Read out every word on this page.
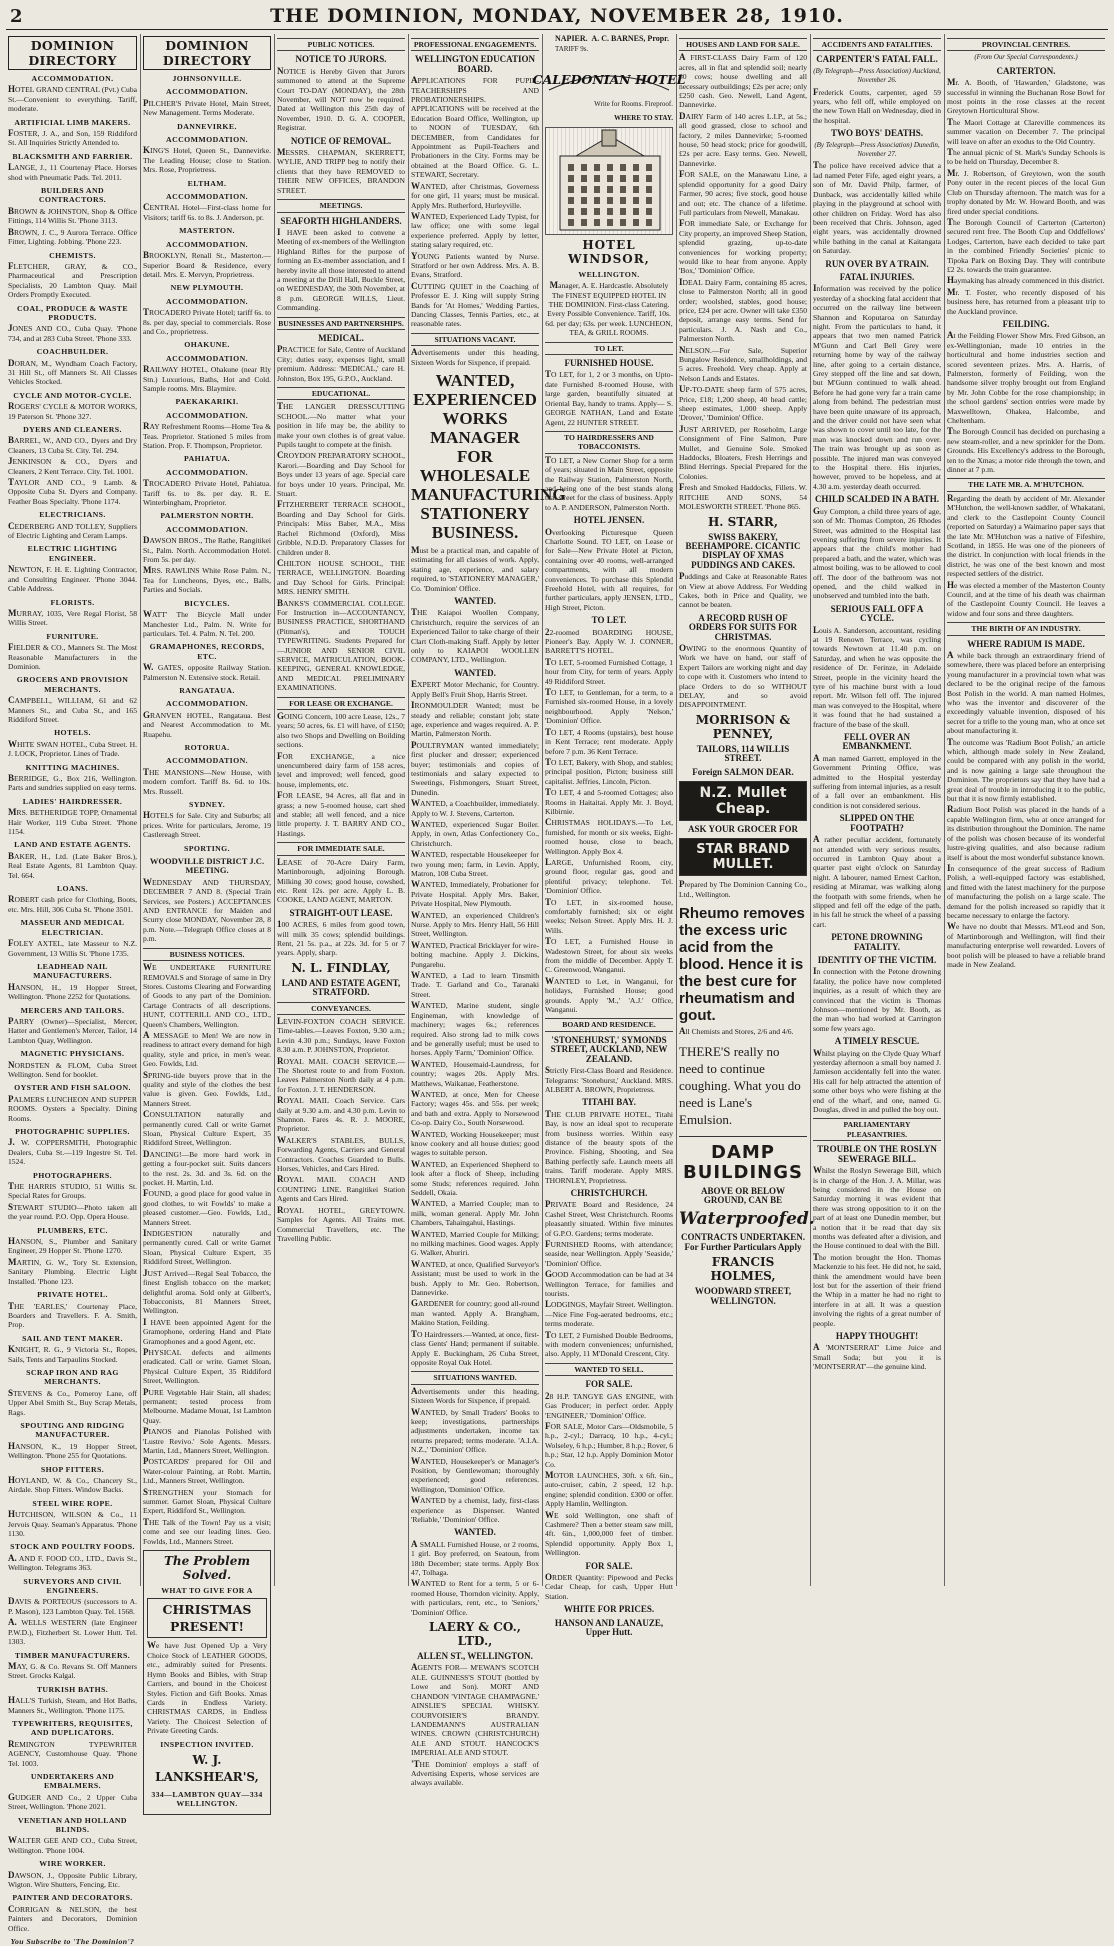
2	THE DOMINION, MONDAY, NOVEMBER 28, 1910.
DOMINION DIRECTORY
ACCOMMODATION.
HOTEL GRAND CENTRAL (Pvt.) Cuba St.—Convenient to everything. Tariff, moderate.
ARTIFICIAL LIMB MAKERS.
FOSTER, J. A., and Son, 159 Riddiford St. All Inquiries Strictly Attended to.
BLACKSMITH AND FARRIER.
LANGE, J., 11 Courtenay Place. Horses shod with Pneumatic Pads. Tel. 2011.
BUILDERS AND CONTRACTORS.
BROWN & JOHNSTON, Shop & Office Fittings, 114 Willis St. 'Phone 3113.
BROWN, J. C., 9 Aurora Terrace. Office Fitter, Lighting. Jobbing. 'Phone 223.
CHEMISTS.
FLETCHER, GRAY, & CO., Pharmaceutical and Prescription Specialists, 20 Lambton Quay. Mail Orders Promptly Executed.
COAL, PRODUCE & WASTE PRODUCTS.
JONES AND CO., Cuba Quay. 'Phone 734, and at 283 Cuba Street. 'Phone 333.
COACHBUILDER.
DORAN, M., Wyndham Coach Factory, 31 Hill St., off Manners St. All Classes Vehicles Stocked.
CYCLE AND MOTOR-CYCLE.
ROGERS' CYCLE & MOTOR WORKS, 19 Paterson St. 'Phone 327.
DYERS AND CLEANERS.
BARREL, W., AND CO., Dyers and Dry Cleaners, 13 Cuba St. City. Tel. 294.
JENKINSON & CO., Dyers and Cleaners, 2 Kent Terrace. City. Tel. 1001.
TAYLOR AND CO., 9 Lamb. & Opposite Cuba St. Dyers and Company. Feather Boas Specialty. 'Phone 1174.
ELECTRICIANS.
CEDERBERG AND TOLLEY, Suppliers of Electric Lighting and Ceram Lamps.
ELECTRIC LIGHTING ENGINEER.
NEWTON, F. H. E. Lighting Contractor, and Consulting Engineer. 'Phone 3044. Cable Address.
FLORISTS.
MURRAY, 1035, Vere Regal Florist, 58 Willis Street.
FURNITURE.
FIELDER & CO., Manners St. The Most Reasonable Manufacturers in the Dominion.
GROCERS AND PROVISION MERCHANTS.
CAMPBELL, WILLIAM, 61 and 62 Manners St., and Cuba St., and 165 Riddiford Street.
HOTELS.
WHITE SWAN HOTEL, Cuba Street. H. J. LOCK, Proprietor. Lines of Trade.
KNITTING MACHINES.
BERRIDGE, G., Box 216, Wellington. Parts and sundries supplied on easy terms.
LADIES' HAIRDRESSER.
MRS. BETHERIDGE TOPP, Ornamental Hair Worker, 119 Cuba Street. 'Phone 1154.
LAND AND ESTATE AGENTS.
BAKER, H., Ltd. (Late Baker Bros.), Real Estate Agents, 81 Lambton Quay. Tel. 664.
LOANS.
ROBERT cash price for Clothing, Boots, etc. Mrs. Hill, 306 Cuba St. 'Phone 3501.
MASSEUR AND MEDICAL ELECTRICIAN.
FOLEY AXTEL, late Masseur to N.Z. Government, 13 Willis St. 'Phone 1735.
LEADHEAD NAIL MANUFACTURERS.
HANSON, H., 19 Hopper Street, Wellington. 'Phone 2252 for Quotations.
MERCERS AND TAILORS.
PARRY (Owner)—Specialist, Mercer, Hatter and Gentlemen's Mercer, Tailor, 14 Lambton Quay, Wellington.
MAGNETIC PHYSICIANS.
NORDSTEN & FLOM, Cuba Street Wellington. Send for booklet.
OYSTER AND FISH SALOON.
PALMERS LUNCHEON AND SUPPER ROOMS. Oysters a Specialty. Dining Rooms.
PHOTOGRAPHIC SUPPLIES.
J. W. COPPERSMITH, Photographic Dealers, Cuba St.—119 Ingestre St. Tel. 1524.
PHOTOGRAPHERS.
THE HARRIS STUDIO, 51 Willis St. Special Rates for Groups.
STEWART STUDIO—Photo taken all the year round. P.O. Opp. Opera House.
PLUMBERS, ETC.
HANSON, S., Plumber and Sanitary Engineer, 29 Hopper St. 'Phone 1270.
MARTIN, G. W., Tory St. Extension, Sanitary Plumbing. Electric Light Installed. 'Phone 123.
PRIVATE HOTEL.
THE 'EARLES,' Courtenay Place, Boarders and Travellers. F. A. Smith, Prop.
SAIL AND TENT MAKER.
KNIGHT, R. G., 9 Victoria St., Ropes, Sails, Tents and Tarpaulins Stocked.
SCRAP IRON AND RAG MERCHANTS.
STEVENS & Co., Pomeroy Lane, off Upper Abel Smith St., Buy Scrap Metals, Rags.
SPOUTING AND RIDGING MANUFACTURER.
HANSON, K., 19 Hopper Street, Wellington. 'Phone 255 for Quotations.
SHOP FITTERS.
HOYLAND, W. & Co., Chancery St., Airdale. Shop Fitters. Window Backs.
STEEL WIRE ROPE.
HUTCHISON, WILSON & Co., 11 Jervois Quay. Seaman's Apparatus. 'Phone 1130.
STOCK AND POULTRY FOODS.
A. AND F. FOOD CO., LTD., Davis St., Wellington. Telegrams 363.
SURVEYORS AND CIVIL ENGINEERS.
DAVIS & PORTEOUS (successors to A. P. Mason), 123 Lambton Quay. Tel. 1568.
A. WELLS WESTERN (late Engineer P.W.D.), Fitzherbert St. Lower Hutt. Tel. 1303.
TIMBER MANUFACTURERS.
MAY, G. & Co. Revans St. Off Manners Street. Grocks Kalgal.
TURKISH BATHS.
HALL'S Turkish, Steam, and Hot Baths, Manners St., Wellington. 'Phone 1175.
TYPEWRITERS, REQUISITES, AND DUPLICATORS.
REMINGTON TYPEWRITER AGENCY, Customhouse Quay. 'Phone Tel. 1003.
UNDERTAKERS AND EMBALMERS.
GUDGER AND Co., 2 Upper Cuba Street, Wellington. 'Phone 2021.
VENETIAN AND HOLLAND BLINDS.
WALTER GEE AND CO., Cuba Street, Wellington. 'Phone 1004.
WIRE WORKER.
DAWSON, J., Opposite Public Library, Wigton. Wire Shutters, Fencing, Etc.
PAINTER AND DECORATORS.
CORRIGAN & NELSON, the best Painters and Decorators, Dominion Office.
You Subscribe to 'The Dominion'?
DOMINION DIRECTORY
JOHNSONVILLE.
ACCOMMODATION.
PILCHER'S Private Hotel, Main Street, New Management. Terms Moderate.
DANNEVIRKE.
ACCOMMODATION.
KING'S Hotel, Queen St., Dannevirke. The Leading House; close to Station. Mrs. Rose, Proprietress.
ELTHAM.
ACCOMMODATION.
CENTRAL Hotel—First-class home for Visitors; tariff 6s. to 8s. J. Anderson, pr.
MASTERTON.
ACCOMMODATION.
BROOKLYN, Renall St., Masterton.—Superior Board & Residence, every detail. Mrs. E. Mervyn, Proprietress.
NEW PLYMOUTH.
ACCOMMODATION.
TROCADERO Private Hotel; tariff 6s. to 8s. per day, special to commercials. Rose and Co., proprietress.
OHAKUNE.
ACCOMMODATION.
RAILWAY HOTEL, Ohakune (near Rly Stn.) Luxurious, Baths, Hot and Cold. Sample rooms. Mrs. Blaymire.
PAEKAKARIKI.
ACCOMMODATION.
RAY Refreshment Rooms—Home Tea & Teas. Proprietor. Stationed 5 miles from Station. Prop. F. Thompson, Proprietor.
PAHIATUA.
ACCOMMODATION.
TROCADERO Private Hotel, Pahiatua. Tariff 6s. to 8s. per day. R. E. Winterbingham, Proprietor.
PALMERSTON NORTH.
ACCOMMODATION.
DAWSON BROS., The Rathe, Rangitikei St., Palm. North. Accommodation Hotel. From 5s. per day.
MRS. RAWLINS White Rose Palm. N., Tea for Luncheons, Dyes, etc., Balls, Parties and Socials.
BICYCLES.
WATT' The Bicycle Mall under Manchester Ltd., Palm. N. Write for particulars. Tel. 4. Palm. N. Tel. 200.
GRAMAPHONES, RECORDS, ETC.
W. GATES, opposite Railway Station. Palmerston N. Extensive stock. Retail.
RANGATAUA.
ACCOMMODATION.
GRANVEN HOTEL, Rangataua. Best and Nearest Accommodation to Mt. Ruapehu.
ROTORUA.
ACCOMMODATION.
THE MANSIONS—New House, with modern comfort. Tariff 8s. 6d. to 10s. Mrs. Russell.
SYDNEY.
HOTELS for Sale. City and Suburbs; all prices. Write for particulars, Jerome, 19 Castlereagh Street.
SPORTING.
WOODVILLE DISTRICT J.C. MEETING.
WEDNESDAY AND THURSDAY, DECEMBER 7 AND 8. (Special Train Services, see Posters.) ACCEPTANCES AND ENTRANCE for Maiden and Scurry close MONDAY, November 28, 8 p.m. Note.—Telegraph Office closes at 8 p.m.
BUSINESS NOTICES.
WE UNDERTAKE FURNITURE REMOVALS and Storage of same in Dry Stores. Customs Clearing and Forwarding of Goods to any part of the Dominion. Cartage Contracts of all descriptions. HUNT, COTTERILL AND CO., LTD., Queen's Chambers, Wellington.
A MESSAGE to Men! We are now in readiness to attract every demand for high quality, style and price, in men's wear. Geo. Fowlds, Ltd.
SPRING-tide buyers prove that in the quality and style of the clothes the best value is given. Geo. Fowlds, Ltd., Manners Street.
CONSULTATION naturally and permanently cured. Call or write Garnet Sloan, Physical Culture Expert, 35 Riddiford Street, Wellington.
DANCING!—Be more hard work in getting a four-pocket suit. Suits dancers to the rest. 2s. 3d. and 3s. 6d. on the pocket. H. Martin, Ltd.
FOUND, a good place for good value in good clothes, to wit Fowlds' to make a pleased customer.—Geo. Fowlds, Ltd., Manners Street.
INDIGESTION naturally and permanently cured. Call or write Garnet Sloan, Physical Culture Expert, 35 Riddiford Street, Wellington.
JUST Arrived—Regal Seal Tobacco, the finest English tobacco on the market; delightful aroma. Sold only at Gilbert's, Tobacconists, 81 Manners Street, Wellington.
I HAVE been appointed Agent for the Gramophone, ordering Hand and Plate Gramophones and a good Agent, etc.
PHYSICAL defects and ailments eradicated. Call or write. Garnet Sloan, Physical Culture Expert, 35 Riddiford Street, Wellington.
PURE Vegetable Hair Stain, all shades; permanent; tested process from Melbourne. Madame Mouat, 1st Lambton Quay.
PIANOS and Pianolas Polished with 'Lustre Revivo.' Sole Agents. Messrs. Martin, Ltd., Manners Street, Wellington.
POSTCARDS' prepared for Oil and Water-colour Painting, at Robt. Martin, Ltd., Manners Street, Wellington.
STRENGTHEN your Stomach for summer. Garnet Sloan, Physical Culture Expert, Riddiford St., Wellington.
THE Talk of the Town! Pay us a visit; come and see our leading lines. Geo. Fowlds, Ltd., Manners Street.
The Problem Solved.
WHAT TO GIVE FOR A
CHRISTMAS PRESENT!
We have Just Opened Up a Very Choice Stock of LEATHER GOODS, etc., admirably suited for Presents. Hymn Books and Bibles, with Strap Carriers, and bound in the Choicest Styles. Fiction and Gift Books. Xmas Cards in Endless Variety. CHRISTMAS CARDS, in Endless Variety. The Choicest Selection of Private Greeting Cards.
INSPECTION INVITED.
W. J. LANKSHEAR'S,
334—LAMBTON QUAY—334 WELLINGTON.
PUBLIC NOTICES.
NOTICE TO JURORS.
NOTICE is Hereby Given that Jurors summoned to attend at the Supreme Court TO-DAY (MONDAY), the 28th November, will NOT now be required. Dated at Wellington this 25th day of November, 1910. D. G. A. COOPER, Registrar.
NOTICE OF REMOVAL.
MESSRS. CHAPMAN, SKERRETT, WYLIE, AND TRIPP beg to notify their clients that they have REMOVED to THEIR NEW OFFICES, BRANDON STREET.
MEETINGS.
SEAFORTH HIGHLANDERS.
I HAVE been asked to convene a Meeting of ex-members of the Wellington Highland Rifles for the purpose of forming an Ex-member association, and I hereby invite all those interested to attend a meeting at the Drill Hall, Buckle Street, on WEDNESDAY, the 30th November, at 8 p.m. GEORGE WILLS, Lieut. Commanding.
BUSINESSES AND PARTNERSHIPS.
MEDICAL.
PRACTICE for Sale, Centre of Auckland City; duties easy, expenses light, small premium. Address: 'MEDICAL,' care H. Johnston, Box 195, G.P.O., Auckland.
EDUCATIONAL.
THE LANGER DRESSCUTTING SCHOOL.—No matter what your position in life may be, the ability to make your own clothes is of great value. Pupils taught to compete at the finish.
CROYDON PREPARATORY SCHOOL, Karori.—Boarding and Day School for Boys under 13 years of age. Special care for boys under 10 years. Principal, Mr. Stuart.
FITZHERBERT TERRACE SCHOOL, Boarding and Day School for Girls. Principals: Miss Baber, M.A., Miss Rachel Richmond (Oxford), Miss Gribble, N.D.D. Preparatory Classes for Children under 8.
CHILTON HOUSE SCHOOL, THE TERRACE, WELLINGTON. Boarding and Day School for Girls. Principal: MRS. HENRY SMITH.
BANKS'S COMMERCIAL COLLEGE. For Instruction in—ACCOUNTANCY, BUSINESS PRACTICE, SHORTHAND (Pitman's), and TOUCH TYPEWRITING. Students Prepared for—JUNIOR AND SENIOR CIVIL SERVICE, MATRICULATION, BOOK-KEEPING, GENERAL KNOWLEDGE, AND MEDICAL PRELIMINARY EXAMINATIONS.
FOR LEASE OR EXCHANGE.
GOING Concern, 100 acre Lease, 12s., 7 years; 50 acres, 6s. £1 will have, of £150; also two Shops and Dwelling on Boilding sections.
FOR EXCHANGE, a nice unencumbered dairy farm of 158 acres, level and improved; well fenced, good house, implements, etc.
FOR LEASE, 94 Acres, all flat and in grass; a new 5-roomed house, cart shed and stable; all well fenced, and a nice little property. J. T. BARRY AND CO., Hastings.
FOR IMMEDIATE SALE.
LEASE of 70-Acre Dairy Farm, Martinborough, adjoining Borough. Milking 30 cows; good house, cowshed, etc. Rent 12s. per acre. Apply L. B. COOKE, LAND AGENT, MARTON.
STRAIGHT-OUT LEASE.
100 ACRES, 6 miles from good town, will milk 35 cows; splendid buildings. Rent, 21 5s. p.a., at 22s. 3d. for 5 or 7 years. Apply, sharp.
N. L. FINDLAY,
LAND AND ESTATE AGENT, STRATFORD.
CONVEYANCES.
LEVIN-FOXTON COACH SERVICE. Time-tables.—Leaves Foxton, 9.30 a.m.; Levin 4.30 p.m.; Sundays, leave Foxton 8.30 a.m. P. JOHNSTON, Proprietor.
ROYAL MAIL COACH SERVICE.—The Shortest route to and from Foxton. Leaves Palmerston North daily at 4 p.m. for Foxton. J. T. HENDERSON.
ROYAL MAIL Coach Service. Cars daily at 9.30 a.m. and 4.30 p.m. Levin to Shannon. Fares 4s. R. J. MOORE, Proprietor.
WALKER'S STABLES, BULLS, Forwarding Agents, Carriers and General Contractors. Coaches Guarded to Bulls. Horses, Vehicles, and Cars Hired.
ROYAL MAIL COACH AND COUNTING LINE. Rangitikei Station Agents and Cars Hired.
ROYAL HOTEL, GREYTOWN. Samples for Agents. All Trains met. Commercial Travellers, etc. The Travelling Public.
PROFESSIONAL ENGAGEMENTS.
WELLINGTON EDUCATION BOARD.
APPLICATIONS FOR PUPIL-TEACHERSHIPS AND PROBATIONERSHIPS. APPLICATIONS will be received at the Education Board Office, Wellington, up to NOON of TUESDAY, 6th DECEMBER, from Candidates for Appointment as Pupil-Teachers and Probationers in the City. Forms may be obtained at the Board Office. G. L. STEWART, Secretary.
WANTED, after Christmas, Governess for one girl, 11 years; must be musical. Apply Mrs. Rutherford, Hurleyville.
WANTED, Experienced Lady Typist, for law office; one with some legal experience preferred. Apply by letter, stating salary required, etc.
YOUNG Patients wanted by Nurse. Stratford or her own Address. Mrs. A. B. Evans, Stratford.
CUTTING QUIET in the Coaching of Professor E. J. King will supply String Bands for 'At Homes,' Wedding Parties, Dancing Classes, Tennis Parties, etc., at reasonable rates.
SITUATIONS VACANT.
Advertisements under this heading, Sixteen Words for Sixpence, if prepaid.
WANTED, EXPERIENCED WORKS MANAGER FOR WHOLESALE MANUFACTURING STATIONERY BUSINESS.
Must be a practical man, and capable of estimating for all classes of work. Apply, stating age, experience, and salary required, to 'STATIONERY MANAGER,' Co. 'Dominion' Office.
WANTED.
THE Kaiapoi Woollen Company, Christchurch, require the services of an Experienced Tailor to take charge of their Clart Cloth-making Staff. Apply by letter only to KAIAPOI WOOLLEN COMPANY, LTD., Wellington.
WANTED.
EXPERT Motor Mechanic, for Country. Apply Bell's Fruit Shop, Harris Street.
IRONMOULDER Wanted; must be steady and reliable; constant job; state age, experience and wages required. A. P. Martin, Palmerston North.
POULTRYMAN wanted immediately; first plucker and dresser; experienced buyer; testimonials and copies of testimonials and salary expected to Sweetings, Fishmongers, Stuart Street, Dunedin.
WANTED, a Coachbuilder, immediately. Apply to W. J. Stevens, Carterton.
WANTED, experienced Sugar Boiler. Apply, in own, Atlas Confectionery Co., Christchurch.
WANTED, respectable Housekeeper for two young men; farm, in Levin. Apply, Matron, 108 Cuba Street.
WANTED, Immediately, Probationer for Private Hospital. Apply Mrs. Baker, Private Hospital, New Plymouth.
WANTED, an experienced Children's Nurse. Apply to Mrs. Henry Hall, 56 Hill Street, Wellington.
WANTED, Practical Bricklayer for wire-bolting machine. Apply J. Dickins, Pungarehu.
WANTED, a Lad to learn Tinsmith Trade. T. Garland and Co., Taranaki Street.
WANTED, Marine student, single Engineman, with knowledge of machinery; wages 6s.; references required. Also strong lad to milk cows and be generally useful; must be used to horses. Apply 'Farm,' 'Dominion' Office.
WANTED, Housemaid-Laundress, for country; wages 20s. Apply Mrs. Matthews, Waikanae, Featherstone.
WANTED, at once, Men for Cheese Factory; wages 45s. and 55s. per week; and bath and extra. Apply to Norsewood Co-op. Dairy Co., South Norsewood.
WANTED, Working Housekeeper; must know cookery and all house duties; good wages to suitable person.
WANTED, an Experienced Shepherd to look after a flock of Sheep, including some Studs; references required. John Seddell, Okaia.
WANTED, a Married Couple; man to milk, woman general. Apply Mr. John Chambers, Tahaingahui, Hastings.
WANTED, Married Couple for Milking; no milking machines. Good wages. Apply G. Walker, Ahuriri.
WANTED, at once, Qualified Surveyor's Assistant; must be used to work in the bush. Apply to Mr. Geo. Robertson, Dannevirke.
GARDENER for country; good all-round man wanted. Apply A. Brangham, Makino Station, Feilding.
TO Hairdressers.—Wanted, at once, first-class Gents' Hand; permanent if suitable. Apply E. Buckingham, 26 Cuba Street, opposite Royal Oak Hotel.
SITUATIONS WANTED.
Advertisements under this heading, Sixteen Words for Sixpence, if prepaid.
WANTED, by Small Traders' Books to keep; investigations, partnerships adjustments undertaken, income tax returns prepared; terms moderate. 'A.I.A. N.Z.,' 'Dominion' Office.
WANTED, Housekeeper's or Manager's Position, by Gentlewoman; thoroughly experienced; good references. Wellington, 'Dominion' Office.
WANTED by a chemist, lady, first-class experience as Dispenser. Wanted 'Reliable,' 'Dominion' Office.
WANTED.
A SMALL Furnished House, or 2 rooms, 1 girl. Boy preferred, on Seatoun, from 18th December; state terms. Apply Box 47, Tolhaga.
WANTED to Rent for a term, 5 or 6-roomed House, Thorndon vicinity. Apply, with particulars, rent, etc., to 'Seniors,' 'Dominion' Office.
LAERY & CO., LTD.,
ALLEN ST., WELLINGTON.
AGENTS FOR— M'EWAN'S SCOTCH ALE. GUINNESS'S STOUT (bottled by Lowe and Son). MORT AND CHANDON 'VINTAGE CHAMPAGNE.' AINSLIE'S SPECIAL WHISKY. COURVOISIER'S BRANDY. LANDEMANN'S AUSTRALIAN WINES. CROWN (CHRISTCHURCH) ALE AND STOUT. HANCOCK'S IMPERIAL ALE AND STOUT.
'THE Dominion' employs a staff of Advertising Experts, whose services are always available.
NAPIER. A. C. BARNES, Propr.
TARIFF 9s.
CALEDONIAN HOTEL
Write for Rooms. Fireproof.
WHERE TO STAY.
HOTEL WINDSOR,
WELLINGTON.
Manager, A. E. Hardcastle. Absolutely The FINEST EQUIPPED HOTEL IN THE DOMINION. First-class Catering. Every Possible Convenience. Tariff, 10s. 6d. per day; 63s. per week. LUNCHEON, TEA, & GRILL ROOMS.
TO LET.
FURNISHED HOUSE.
TO LET, for 1, 2 or 3 months, on Upto-date Furnished 8-roomed House, with large garden, beautifully situated at Oriental Bay, handy to trams. Apply— S. GEORGE NATHAN, Land and Estate Agent, 22 HUNTER STREET.
TO HAIRDRESSERS AND TOBACCONISTS.
TO LET, a New Corner Shop for a term of years; situated in Main Street, opposite the Railway Station, Palmerston North, and being one of the best stands along that street for the class of business. Apply to A. P. ANDERSON, Palmerston North.
HOTEL JENSEN.
Overlooking Picturesque Queen Charlotte Sound. TO LET, on Lease or for Sale—New Private Hotel at Picton, containing over 40 rooms, well-arranged compartments, with all modern conveniences. To purchase this Splendid Freehold Hotel, with all requires, for further particulars, apply JENSEN, LTD., High Street, Picton.
TO LET.
22-roomed BOARDING HOUSE, Pioneer's Bay. Apply W. J. CONNER, BARRETT'S HOTEL.
TO LET, 5-roomed Furnished Cottage, 1 hour from City, for term of years. Apply 49 Riddiford Street.
TO LET, to Gentleman, for a term, to a Furnished six-roomed House, in a lovely neighbourhood. Apply 'Nelson,' 'Dominion' Office.
TO LET, 4 Rooms (upstairs), best house in Kent Terrace; rent moderate. Apply before 7 p.m. 36 Kent Terrace.
TO LET, Bakery, with Shop, and stables; principal position, Picton; business still capitalist. Jeffries, Lincoln, Picton.
TO LET, 4 and 5-roomed Cottages; also Rooms in Haitaitai. Apply Mr. J. Boyd, Kilbirnie.
CHRISTMAS HOLIDAYS.—To Let, furnished, for month or six weeks, Eight-roomed house, close to beach, Wellington. Apply Box 4.
LARGE, Unfurnished Room, city, ground floor, regular gas, good and plentiful privacy; telephone. Tel. 'Dominion' Office.
TO LET, in six-roomed house, comfortably furnished; six or eight weeks; Nelson Street. Apply Mrs. H. J. Wills.
TO LET, a Furnished House in Wadestown Street, for about six weeks from the middle of December. Apply T. C. Greenwood, Wanganui.
WANTED to Let, in Wanganui, for holidays, Furnished House; good grounds. Apply 'M.,' 'A.J.' Office, Wanganui.
BOARD AND RESIDENCE.
'STONEHURST,' SYMONDS STREET, AUCKLAND, NEW ZEALAND.
Strictly First-Class Board and Residence. Telegrams: 'Stonehurst,' Auckland. MRS. ALBERT A. BROWN, Proprietress.
TITAHI BAY.
THE CLUB PRIVATE HOTEL, Titahi Bay, is now an ideal spot to recuperate from business worries. Within easy distance of the beauty spots of the Province. Fishing, Shooting, and Sea Bathing perfectly safe. Launch meets all trains. Tariff moderate. Apply MRS. THORNLEY, Proprietress.
CHRISTCHURCH.
PRIVATE Board and Residence, 24 Cashel Street, West Christchurch. Rooms pleasantly situated. Within five minutes of G.P.O. Gardens; terms moderate.
FURNISHED Rooms, with attendance; seaside, near Wellington. Apply 'Seaside,' 'Dominion' Office.
GOOD Accommodation can be had at 34 Wellington Terrace, for families and tourists.
LODGINGS, Mayfair Street. Wellington.—Nice Fine Fog-aerated bedrooms, etc.; terms moderate.
TO LET, 2 Furnished Double Bedrooms, with modern conveniences; unfurnished, also. Apply, 11 M'Donald Crescent, City.
WANTED TO SELL.
FOR SALE.
28 H.P. TANGYE GAS ENGINE, with Gas Producer; in perfect order. Apply 'ENGINEER,' 'Dominion' Office.
FOR SALE, Motor Cars—Oldsmobile, 5 h.p., 2-cyl.; Darracq, 10 h.p., 4-cyl.; Wolseley, 6 h.p.; Humber, 8 h.p.; Rover, 6 h.p.; Star, 12 h.p. Apply Dominion Motor Co.
MOTOR LAUNCHES, 30ft. x 6ft. 6in., auto-cruiser, cabin, 2 speed, 12 h.p. engine; splendid condition. £300 or offer. Apply Hamlin, Wellington.
WE sold Wellington, one shaft of Cashmere? Then a better steam saw mill, 4ft. 6in., 1,000,000 feet of timber. Splendid opportunity. Apply Box 1, Wellington.
FOR SALE.
ORDER Quantity: Pipewood and Pecks Cedar Cheap, for cash, Upper Hutt Station.
WHITE FOR PRICES.
HANSON AND LANAUZE, Upper Hutt.
HOUSES AND LAND FOR SALE.
A FIRST-CLASS Dairy Farm of 120 acres, all in flat and splendid soil; nearly 50 cows; house dwelling and all necessary outbuildings; £2s per acre; only £250 cash. Geo. Newell, Land Agent, Dannevirke.
DAIRY Farm of 140 acres L.I.P., at 5s.; all good grassed, close to school and factory, 2 miles Dannevirke; 5-roomed house, 50 head stock; price for goodwill, £2s per acre. Easy terms. Geo. Newell, Dannevirke.
FOR SALE, on the Manawatu Line, a splendid opportunity for a good Dairy Farmer, 90 acres; five stock, good house and out; etc. The chance of a lifetime. Full particulars from Newell, Manakau.
FOR immediate Sale, or Exchange for City property, an improved Sheep Station, splendid grazing, up-to-date conveniences for working property; would like to hear from anyone. Apply 'Box,' 'Dominion' Office.
IDEAL Dairy Farm, containing 85 acres, close to Palmerston North; all in good order; woolshed, stables, good house; price, £24 per acre. Owner will take £350 deposit, arrange easy terms. Send for particulars. J. A. Nash and Co., Palmerston North.
NELSON.—For Sale, Superior Bungalow Residence, smallholdings, and 5 acres. Freehold. Very cheap. Apply at Nelson Lands and Estates.
UP-TO-DATE sheep farm of 575 acres, Price, £18; 1,200 sheep, 40 head cattle; sheep estimates, 1,000 sheep. Apply 'Drover,' 'Dominion' Office.
JUST ARRIVED, per Roseholm, Large Consignment of Fine Salmon, Pure Mullet, and Genuine Sole. Smoked Haddocks, Bloaters, Fresh Herrings and Blind Herrings. Special Prepared for the Colonies.
Fresh and Smoked Haddocks, Fillets. W. RITCHIE AND SONS, 54 MOLESWORTH STREET. 'Phone 865.
H. STARR,
SWISS BAKERY, BEEHAMPORE. CICANTIC DISPLAY OF XMAS PUDDINGS AND CAKES.
Puddings and Cake at Reasonable Rates on View at above Address. For Wedding Cakes, both in Price and Quality, we cannot be beaten.
A RECORD RUSH OF ORDERS FOR SUITS FOR CHRISTMAS.
OWING to the enormous Quantity of Work we have on hand, our staff of Expert Tailors are working night and day to cope with it. Customers who intend to place Orders to do so WITHOUT DELAY, and so avoid DISAPPOINTMENT.
MORRISON & PENNEY,
TAILORS, 114 WILLIS STREET.
Foreign SALMON DEAR.
N.Z. Mullet Cheap.
ASK YOUR GROCER FOR
STAR BRAND MULLET.
Prepared by The Dominion Canning Co., Ltd., Wellington.
Rheumo removes the excess uric acid from the blood. Hence it is the best cure for rheumatism and gout.
All Chemists and Stores, 2/6 and 4/6.
THERE'S really no need to continue coughing. What you do need is Lane's Emulsion.
DAMP BUILDINGS
ABOVE OR BELOW GROUND, CAN BE
Waterproofed.
CONTRACTS UNDERTAKEN. For Further Particulars Apply
FRANCIS HOLMES,
WOODWARD STREET, WELLINGTON.
ACCIDENTS AND FATALITIES.
CARPENTER'S FATAL FALL.
(By Telegraph—Press Association) Auckland, November 26.
Frederick Coutts, carpenter, aged 59 years, who fell off, while employed on the new Town Hall on Wednesday, died in the hospital.
TWO BOYS' DEATHS.
(By Telegraph—Press Association) Dunedin, November 27.
The police have received advice that a lad named Peter Fife, aged eight years, a son of Mr. David Philp, farmer, of Dunback, was accidentally killed while playing in the playground at school with other children on Friday. Word has also been received that Chris. Johnson, aged eight years, was accidentally drowned while bathing in the canal at Kaitangata on Saturday.
RUN OVER BY A TRAIN.
FATAL INJURIES.
Information was received by the police yesterday of a shocking fatal accident that occurred on the railway line between Shannon and Koputaroa on Saturday night. From the particulars to hand, it appears that two men named Patrick M'Gunn and Carl Bell Grey were returning home by way of the railway line, after going to a certain distance, Grey stepped off the line and sat down, but M'Gunn continued to walk ahead. Before he had gone very far a train came along from behind. The pedestrian must have been quite unaware of its approach, and the driver could not have seen what was shown to cover until too late, for the man was knocked down and run over. The train was brought up as soon as possible. The injured man was conveyed to the Hospital there. His injuries, however, proved to be hopeless, and at 4.30 a.m. yesterday death occurred.
CHILD SCALDED IN A BATH.
Guy Compton, a child three years of age, son of Mr. Thomas Compton, 26 Rhodes Street, was admitted to the Hospital last evening suffering from severe injuries. It appears that the child's mother had prepared a bath, and the water, which was almost boiling, was to be allowed to cool off. The door of the bathroom was not opened, and the child walked in unobserved and tumbled into the bath.
SERIOUS FALL OFF A CYCLE.
Louis A. Sanderson, accountant, residing at 19 Renown Terrace, was cycling towards Newtown at 11.40 p.m. on Saturday, and when he was opposite the residence of Dr. Ferinze, in Adelaide Street, people in the vicinity heard the tyre of his machine burst with a loud report. Mr. Wilson fell off. The injured man was conveyed to the Hospital, where it was found that he had sustained a fracture of the base of the skull.
FELL OVER AN EMBANKMENT.
A man named Garrett, employed in the Government Printing Office, was admitted to the Hospital yesterday suffering from internal injuries, as a result of a fall over an embankment. His condition is not considered serious.
SLIPPED ON THE FOOTPATH?
A rather peculiar accident, fortunately not attended with very serious results, occurred in Lambton Quay about a quarter past eight o'clock on Saturday night. A labourer, named Ernest Carlton, residing at Miramar, was walking along the footpath with some friends, when he slipped and fell off the edge of the path, in his fall he struck the wheel of a passing cart.
PETONE DROWNING FATALITY.
IDENTITY OF THE VICTIM.
In connection with the Petone drowning fatality, the police have now completed inquiries, as a result of which they are convinced that the victim is Thomas Johnson—mentioned by Mr. Booth, as the man who had worked at Carrington some few years ago.
A TIMELY RESCUE.
Whilst playing on the Clyde Quay Wharf yesterday afternoon a small boy named J. Jamieson accidentally fell into the water. His call for help attracted the attention of some other boys who were fishing at the end of the wharf, and one, named G. Douglas, dived in and pulled the boy out.
PARLIAMENTARY PLEASANTRIES.
TROUBLE ON THE ROSLYN SEWERAGE BILL.
Whilst the Roslyn Sewerage Bill, which is in charge of the Hon. J. A. Millar, was being considered in the House on Saturday morning it was evident that there was strong opposition to it on the part of at least one Dunedin member, but a notion that it be read that day six months was defeated after a division, and the House continued to deal with the Bill.
The motion brought the Hon. Thomas Mackenzie to his feet. He did not, he said, think the amendment would have been lost but for the assertion of their friend the Whip in a matter he had no right to interfere in at all. It was a question involving the rights of a great number of people.
HAPPY THOUGHT!
A 'MONTSERRAT' Lime Juice and Small Soda; but you it is 'MONTSERRAT'—the genuine kind.
PROVINCIAL CENTRES.
(From Our Special Correspondents.)
CARTERTON.
Mr. A. Booth, of 'Hawarden,' Gladstone, was successful in winning the Buchanan Rose Bowl for most points in the rose classes at the recent Greytown Horticultural Show.
The Maori Cottage at Clareville commences its summer vacation on December 7. The principal will leave on after an exodus to the Old Country.
The annual picnic of St. Mark's Sunday Schools is to be held on Thursday, December 8.
Mr. J. Robertson, of Greytown, won the south Pony outer in the recent pieces of the local Gun Club on Thursday afternoon. The match was for a trophy donated by Mr. W. Howard Booth, and was fired under special conditions.
The Borough Council of Carterton (Carterton) secured rent free. The Booth Cup and Oddfellows' Lodges, Carterton, have each decided to take part in the combined Friendly Societies' picnic to Tipoka Park on Boxing Day. They will contribute £2 2s. towards the train guarantee.
Haymaking has already commenced in this district.
Mr. T. Foster, who recently disposed of his business here, has returned from a pleasant trip to the Auckland province.
FEILDING.
At the Feilding Flower Show Mrs. Fred Gibson, an ex-Wellingtonian, made 10 entries in the horticultural and home industries section and scored seventeen prizes. Mrs. A. Harris, of Palmerston, formerly of Feilding, won the handsome silver trophy brought out from England by Mr. John Cobbe for the rose championship; in the school gardens' section entries were made by Maxwelltown, Ohakea, Halcombe, and Cheltenham.
The Borough Council has decided on purchasing a new steam-roller, and a new sprinkler for the Dom. Grounds. His Excellency's address to the Borough, ten to the Xmas; a motor ride through the town, and dinner at 7 p.m.
THE LATE MR. A. M'HUTCHON.
Regarding the death by accident of Mr. Alexander M'Hutchon, the well-known saddler, of Whakatani, and clerk to the Castlepoint County Council (reported on Saturday) a Waimarino paper says that the late Mr. M'Hutchon was a native of Fifeshire, Scotland, in 1855. He was one of the pioneers of the district. In conjunction with local friends in the district, he was one of the best known and most respected settlers of the district.
He was elected a member of the Masterton County Council, and at the time of his death was chairman of the Castlepoint County Council. He leaves a widow and four sons and three daughters.
THE BIRTH OF AN INDUSTRY.
WHERE RADIUM IS MADE.
A while back through an extraordinary friend of somewhere, there was placed before an enterprising young manufacturer in a provincial town what was declared to be the original recipe of the famous Bost Polish in the world. A man named Holmes, who was the inventor and discoverer of the exceedingly valuable invention, disposed of his secret for a trifle to the young man, who at once set about manufacturing it.
The outcome was 'Radium Boot Polish,' an article which, although made solely in New Zealand, could be compared with any polish in the world, and is now gaining a large sale throughout the Dominion. The proprietors say that they have had a great deal of trouble in introducing it to the public, but that it is now firmly established.
Radium Boot Polish was placed in the hands of a capable Wellington firm, who at once arranged for its distribution throughout the Dominion. The name of the polish was chosen because of its wonderful lustre-giving qualities, and also because radium itself is about the most wonderful substance known.
In consequence of the great success of Radium Polish, a well-equipped factory was established, and fitted with the latest machinery for the purpose of manufacturing the polish on a large scale. The demand for the polish increased so rapidly that it became necessary to enlarge the factory.
We have no doubt that Messrs. M'Leod and Son, of Martinborough and Wellington, will find their manufacturing enterprise well rewarded. Lovers of boot polish will be pleased to have a reliable brand made in New Zealand.
